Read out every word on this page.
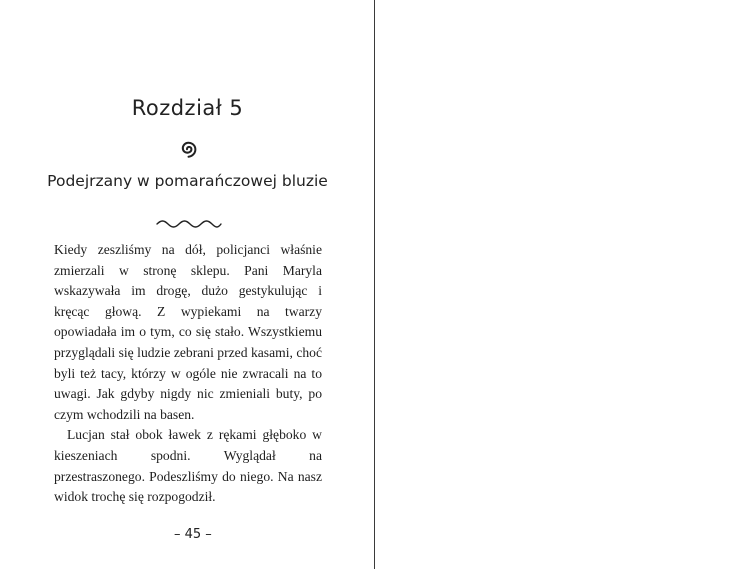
Rozdział 5
Podejrzany w pomarańczowej bluzie

Kiedy zeszliśmy na dół, policjanci właśnie zmierzali w stronę sklepu. Pani Maryla wskazywała im drogę, dużo gestykulując i kręcąc głową. Z wypiekami na twarzy opowiadała im o tym, co się stało. Wszystkiemu przyglądali się ludzie zebrani przed kasami, choć byli też tacy, którzy w ogóle nie zwracali na to uwagi. Jak gdyby nigdy nic zmieniali buty, po czym wchodzili na basen.

Lucjan stał obok ławek z rękami głęboko w kieszeniach spodni. Wyglądał na przestraszonego. Podeszliśmy do niego. Na nasz widok trochę się rozpogodził.

– 45 –
